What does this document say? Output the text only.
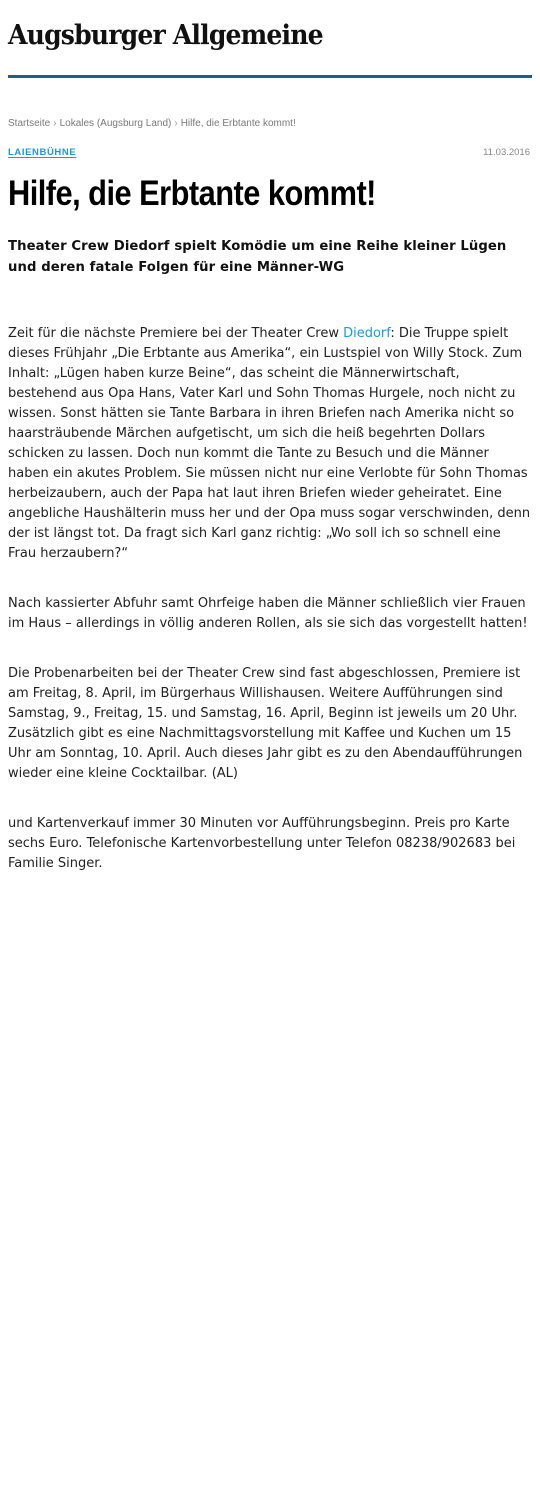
Augsburger Allgemeine
Startseite › Lokales (Augsburg Land) › Hilfe, die Erbtante kommt!
LAIENBÜHNE	11.03.2016
Hilfe, die Erbtante kommt!
Theater Crew Diedorf spielt Komödie um eine Reihe kleiner Lügen und deren fatale Folgen für eine Männer-WG

Zeit für die nächste Premiere bei der Theater Crew Diedorf: Die Truppe spielt dieses Frühjahr „Die Erbtante aus Amerika“, ein Lustspiel von Willy Stock. Zum Inhalt: „Lügen haben kurze Beine“, das scheint die Männerwirtschaft, bestehend aus Opa Hans, Vater Karl und Sohn Thomas Hurgele, noch nicht zu wissen. Sonst hätten sie Tante Barbara in ihren Briefen nach Amerika nicht so haarsträubende Märchen aufgetischt, um sich die heiß begehrten Dollars schicken zu lassen. Doch nun kommt die Tante zu Besuch und die Männer haben ein akutes Problem. Sie müssen nicht nur eine Verlobte für Sohn Thomas herbeizaubern, auch der Papa hat laut ihren Briefen wieder geheiratet. Eine angebliche Haushälterin muss her und der Opa muss sogar verschwinden, denn der ist längst tot. Da fragt sich Karl ganz richtig: „Wo soll ich so schnell eine Frau herzaubern?“

Nach kassierter Abfuhr samt Ohrfeige haben die Männer schließlich vier Frauen im Haus – allerdings in völlig anderen Rollen, als sie sich das vorgestellt hatten!

Die Probenarbeiten bei der Theater Crew sind fast abgeschlossen, Premiere ist am Freitag, 8. April, im Bürgerhaus Willishausen. Weitere Aufführungen sind Samstag, 9., Freitag, 15. und Samstag, 16. April, Beginn ist jeweils um 20 Uhr. Zusätzlich gibt es eine Nachmittagsvorstellung mit Kaffee und Kuchen um 15 Uhr am Sonntag, 10. April. Auch dieses Jahr gibt es zu den Abendaufführungen wieder eine kleine Cocktailbar. (AL)

und Kartenverkauf immer 30 Minuten vor Aufführungsbeginn. Preis pro Karte sechs Euro. Telefonische Kartenvorbestellung unter Telefon 08238/902683 bei Familie Singer.
